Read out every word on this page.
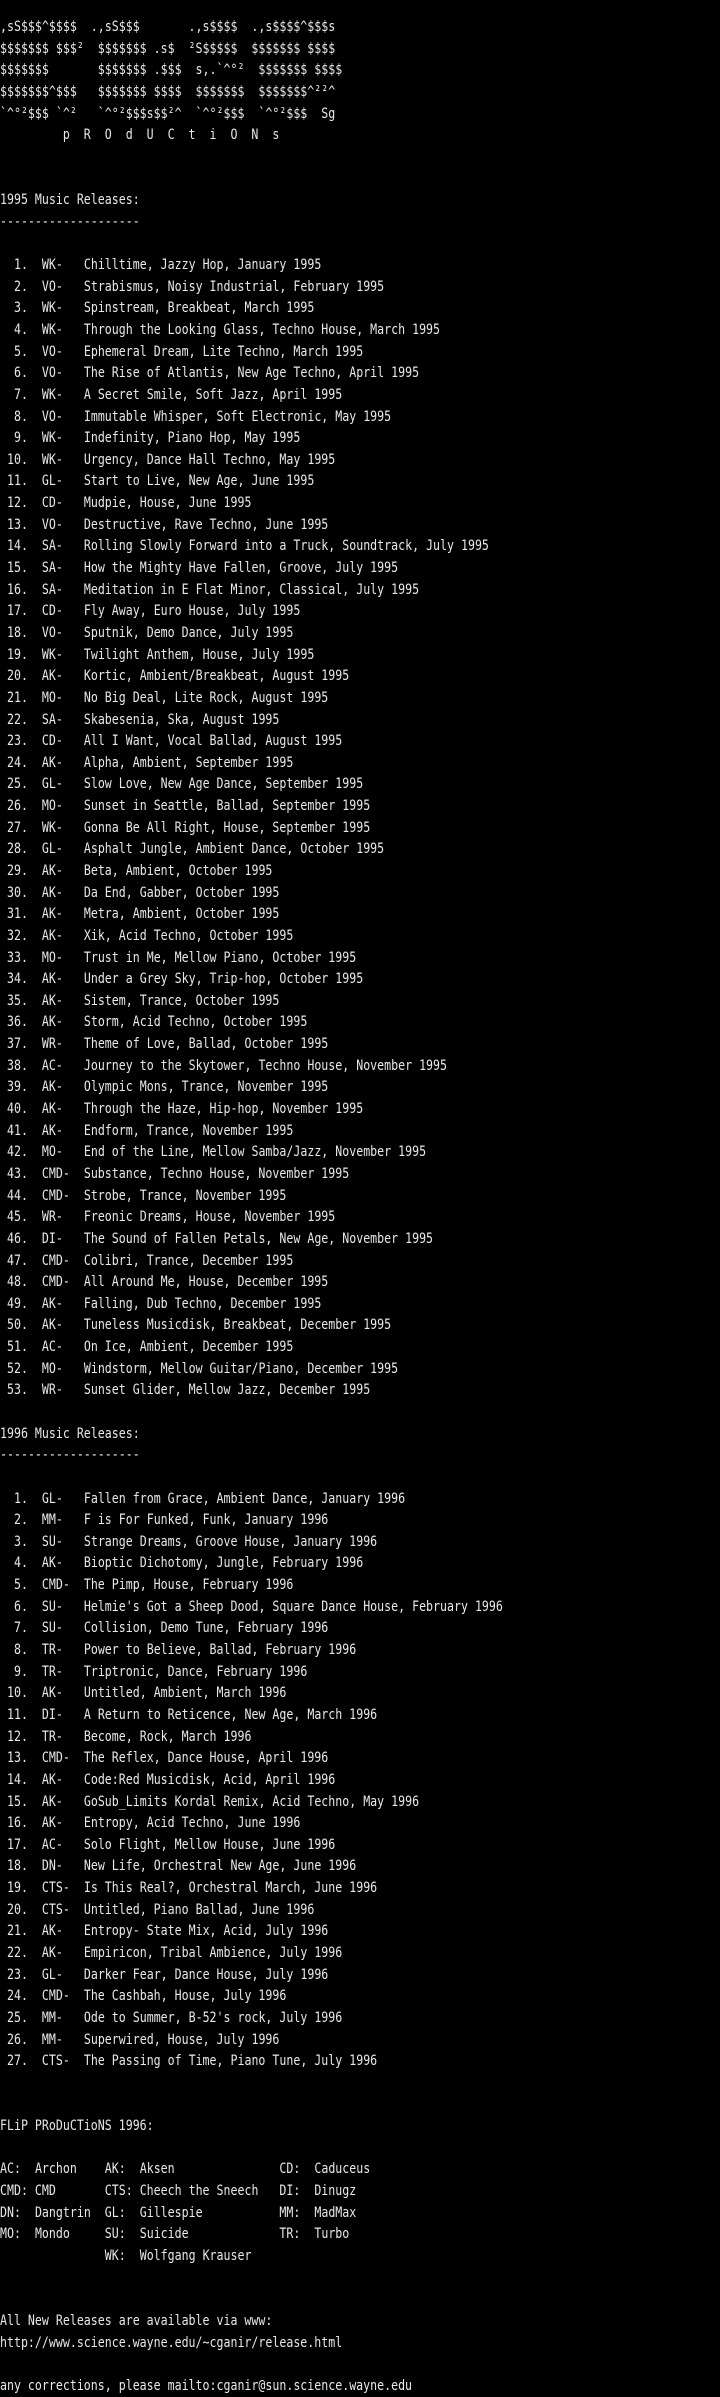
,sS$$$^$$$$  .,sS$$$       .,s$$$$  .,s$$$$^$$$s
$$$$$$$ $$$²  $$$$$$$ .s$  ²S$$$$$  $$$$$$$ $$$$
$$$$$$$       $$$$$$$ .$$$  s,.`^°²  $$$$$$$ $$$$
$$$$$$$^$$$   $$$$$$$ $$$$  $$$$$$$  $$$$$$$^²²^
`^°²$$$ `^²   `^°²$$$s$$²^  `^°²$$$  `^°²$$$  Sg
p  R  O  d  U  C  t  i  O  N  s
1995 Music Releases:
--------------------
1. WK- Chilltime, Jazzy Hop, January 1995
2. VO- Strabismus, Noisy Industrial, February 1995
3. WK- Spinstream, Breakbeat, March 1995
4. WK- Through the Looking Glass, Techno House, March 1995
5. VO- Ephemeral Dream, Lite Techno, March 1995
6. VO- The Rise of Atlantis, New Age Techno, April 1995
7. WK- A Secret Smile, Soft Jazz, April 1995
8. VO- Immutable Whisper, Soft Electronic, May 1995
9. WK- Indefinity, Piano Hop, May 1995
10. WK- Urgency, Dance Hall Techno, May 1995
11. GL- Start to Live, New Age, June 1995
12. CD- Mudpie, House, June 1995
13. VO- Destructive, Rave Techno, June 1995
14. SA- Rolling Slowly Forward into a Truck, Soundtrack, July 1995
15. SA- How the Mighty Have Fallen, Groove, July 1995
16. SA- Meditation in E Flat Minor, Classical, July 1995
17. CD- Fly Away, Euro House, July 1995
18. VO- Sputnik, Demo Dance, July 1995
19. WK- Twilight Anthem, House, July 1995
20. AK- Kortic, Ambient/Breakbeat, August 1995
21. MO- No Big Deal, Lite Rock, August 1995
22. SA- Skabesenia, Ska, August 1995
23. CD- All I Want, Vocal Ballad, August 1995
24. AK- Alpha, Ambient, September 1995
25. GL- Slow Love, New Age Dance, September 1995
26. MO- Sunset in Seattle, Ballad, September 1995
27. WK- Gonna Be All Right, House, September 1995
28. GL- Asphalt Jungle, Ambient Dance, October 1995
29. AK- Beta, Ambient, October 1995
30. AK- Da End, Gabber, October 1995
31. AK- Metra, Ambient, October 1995
32. AK- Xik, Acid Techno, October 1995
33. MO- Trust in Me, Mellow Piano, October 1995
34. AK- Under a Grey Sky, Trip-hop, October 1995
35. AK- Sistem, Trance, October 1995
36. AK- Storm, Acid Techno, October 1995
37. WR- Theme of Love, Ballad, October 1995
38. AC- Journey to the Skytower, Techno House, November 1995
39. AK- Olympic Mons, Trance, November 1995
40. AK- Through the Haze, Hip-hop, November 1995
41. AK- Endform, Trance, November 1995
42. MO- End of the Line, Mellow Samba/Jazz, November 1995
43. CMD- Substance, Techno House, November 1995
44. CMD- Strobe, Trance, November 1995
45. WR- Freonic Dreams, House, November 1995
46. DI- The Sound of Fallen Petals, New Age, November 1995
47. CMD- Colibri, Trance, December 1995
48. CMD- All Around Me, House, December 1995
49. AK- Falling, Dub Techno, December 1995
50. AK- Tuneless Musicdisk, Breakbeat, December 1995
51. AC- On Ice, Ambient, December 1995
52. MO- Windstorm, Mellow Guitar/Piano, December 1995
53. WR- Sunset Glider, Mellow Jazz, December 1995
1996 Music Releases:
--------------------
1. GL- Fallen from Grace, Ambient Dance, January 1996
2. MM- F is For Funked, Funk, January 1996
3. SU- Strange Dreams, Groove House, January 1996
4. AK- Bioptic Dichotomy, Jungle, February 1996
5. CMD- The Pimp, House, February 1996
6. SU- Helmie's Got a Sheep Dood, Square Dance House, February 1996
7. SU- Collision, Demo Tune, February 1996
8. TR- Power to Believe, Ballad, February 1996
9. TR- Triptronic, Dance, February 1996
10. AK- Untitled, Ambient, March 1996
11. DI- A Return to Reticence, New Age, March 1996
12. TR- Become, Rock, March 1996
13. CMD- The Reflex, Dance House, April 1996
14. AK- Code:Red Musicdisk, Acid, April 1996
15. AK- GoSub_Limits Kordal Remix, Acid Techno, May 1996
16. AK- Entropy, Acid Techno, June 1996
17. AC- Solo Flight, Mellow House, June 1996
18. DN- New Life, Orchestral New Age, June 1996
19. CTS- Is This Real?, Orchestral March, June 1996
20. CTS- Untitled, Piano Ballad, June 1996
21. AK- Entropy- State Mix, Acid, July 1996
22. AK- Empiricon, Tribal Ambience, July 1996
23. GL- Darker Fear, Dance House, July 1996
24. CMD- The Cashbah, House, July 1996
25. MM- Ode to Summer, B-52's rock, July 1996
26. MM- Superwired, House, July 1996
27. CTS- The Passing of Time, Piano Tune, July 1996
FLiP PRoDuCTioNS 1996:
AC: Archon AK: Aksen	CD: Caduceus
CMD: CMD	CTS: Cheech the Sneech DI: Dinugz
DN: Dangtrin GL: Gillespie	MM: MadMax
MO: Mondo SU: Suicide	TR: Turbo
WK: Wolfgang Krauser
All New Releases are available via www:
http://www.science.wayne.edu/~cganir/release.html
any corrections, please mailto:cganir@sun.science.wayne.edu
